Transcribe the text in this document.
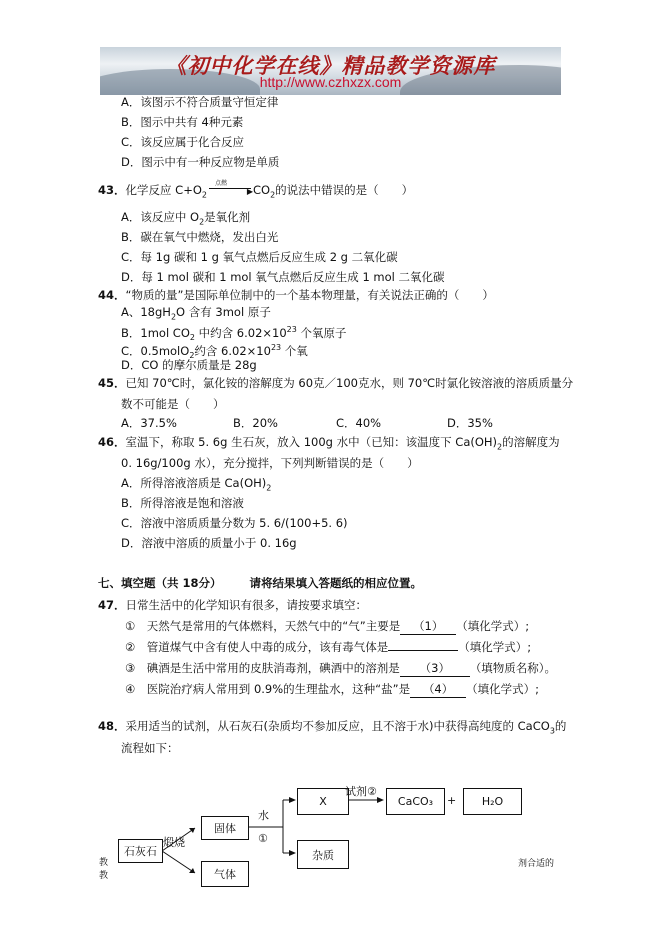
《初中化学在线》精品教学资源库
http://www.czhxzx.com
A．该图示不符合质量守恒定律
B．图示中共有 4种元素
C．该反应属于化合反应
D．图示中有一种反应物是单质
43．化学反应 $C+O_2$
点燃
▶ $CO_2$的说法中错误的是（　　）
A．该反应中 $O_2$是氧化剂
B．碳在氧气中燃烧，发出白光
C．每 1g 碳和 1 g 氧气点燃后反应生成 2 g 二氧化碳
D．每 1 mol 碳和 1 mol 氧气点燃后反应生成 1 mol 二氧化碳
44．“物质的量”是国际单位制中的一个基本物理量，有关说法正确的（　　）
A、$18gH_2O$ 含有 3mol 原子
B．1mol $CO_2$ 中约含 $6.02\times 10^{23}$ 个氧原子
C．0.5molO$_2$约含 $6.02\times 10^{23}$ 个氧
D．CO 的摩尔质量是 28g
45．已知 70℃时，氯化铵的溶解度为 60克／100克水，则 70℃时氯化铵溶液的溶质质量分
数不可能是（　　）
A．37.5%	B．20%	C．40%	D．35%
46．室温下，称取 5. 6g 生石灰，放入 100g 水中（已知：该温度下 $Ca(OH)_2$的溶解度为
0. 16g/100g 水），充分搅拌，下列判断错误的是（　　）
A．所得溶液溶质是 $Ca(OH)_2$
B．所得溶液是饱和溶液
C．溶液中溶质质量分数为 5. 6/(100+5. 6)
D．溶液中溶质的质量小于 0. 16g
七、填空题（共 18分） 请将结果填入答题纸的相应位置。
47．日常生活中的化学知识有很多，请按要求填空：
①　天然气是常用的气体燃料，天然气中的“气”主要是 （1） （填化学式）;
②　管道煤气中含有使人中毒的成分，该有毒气体是	（填化学式）;
③　碘酒是生活中常用的皮肤消毒剂，碘酒中的溶剂是 （3） （填物质名称）。
④　医院治疗病人常用到 0.9%的生理盐水，这种“盐”是 （4） （填化学式）;
48．采用适当的试剂，从石灰石(杂质均不参加反应，且不溶于水)中获得高纯度的 CaCO$_3$的
流程如下：
石灰石
煅烧
固体
气体
水
①
X
试剂②
CaCO₃	+	H₂O
杂质
教
教
剂合适的
